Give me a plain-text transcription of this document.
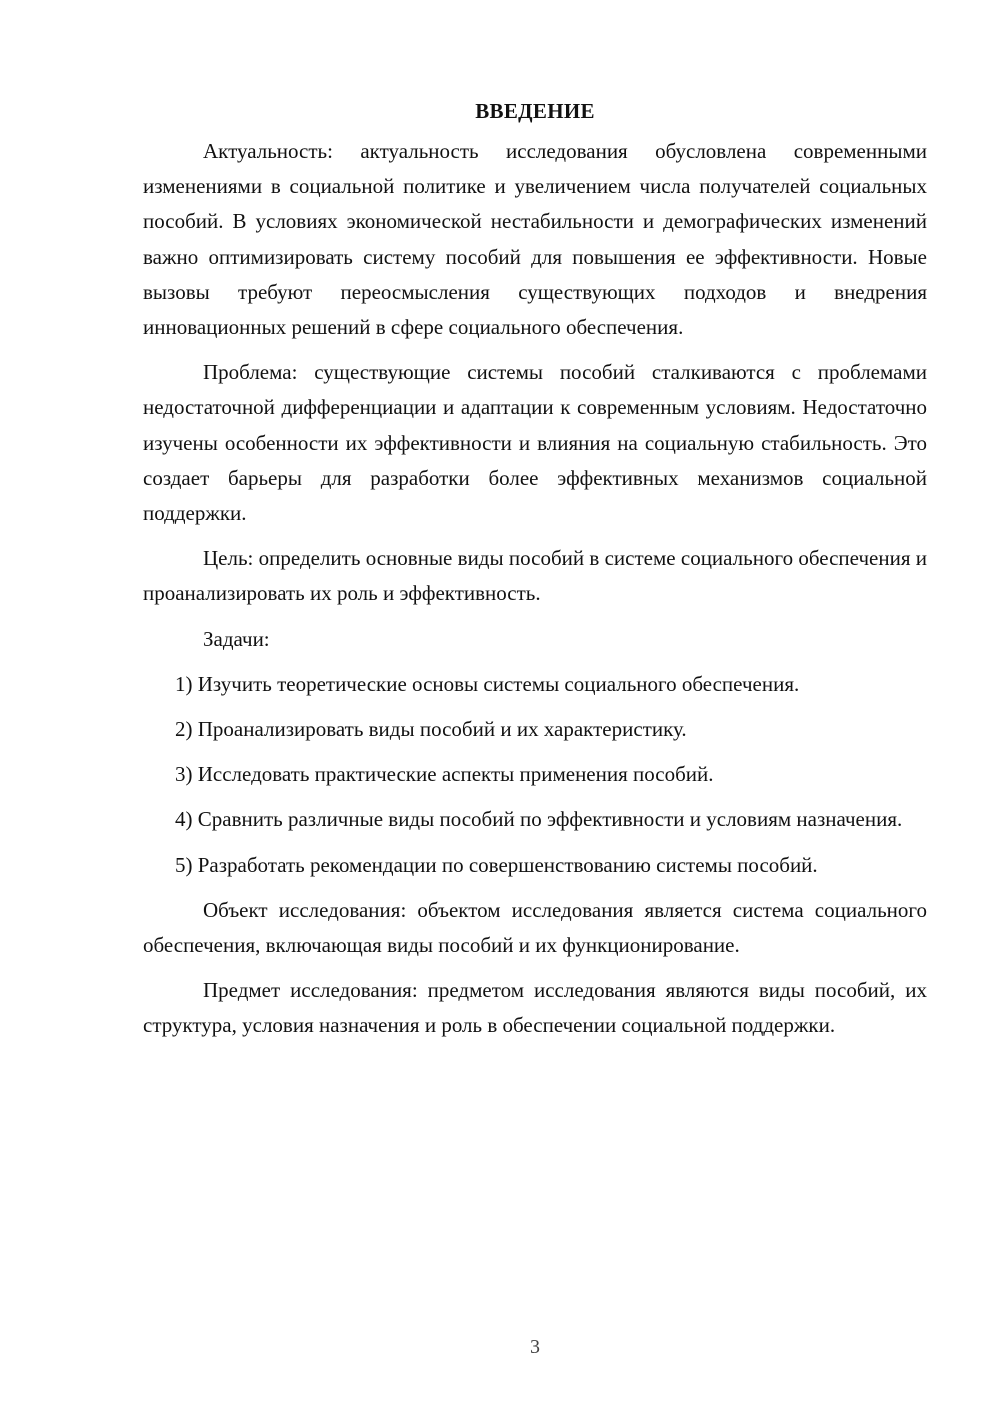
ВВЕДЕНИЕ

Актуальность: актуальность исследования обусловлена современными изменениями в социальной политике и увеличением числа получателей социальных пособий. В условиях экономической нестабильности и демографических изменений важно оптимизировать систему пособий для повышения ее эффективности. Новые вызовы требуют переосмысления существующих подходов и внедрения инновационных решений в сфере социального обеспечения.

Проблема: существующие системы пособий сталкиваются с проблемами недостаточной дифференциации и адаптации к современным условиям. Недостаточно изучены особенности их эффективности и влияния на социальную стабильность. Это создает барьеры для разработки более эффективных механизмов социальной поддержки.

Цель: определить основные виды пособий в системе социального обеспечения и проанализировать их роль и эффективность.

Задачи:

1) Изучить теоретические основы системы социального обеспечения.

2) Проанализировать виды пособий и их характеристику.

3) Исследовать практические аспекты применения пособий.

4) Сравнить различные виды пособий по эффективности и условиям назначения.

5) Разработать рекомендации по совершенствованию системы пособий.

Объект исследования: объектом исследования является система социального обеспечения, включающая виды пособий и их функционирование.

Предмет исследования: предметом исследования являются виды пособий, их структура, условия назначения и роль в обеспечении социальной поддержки.

3
